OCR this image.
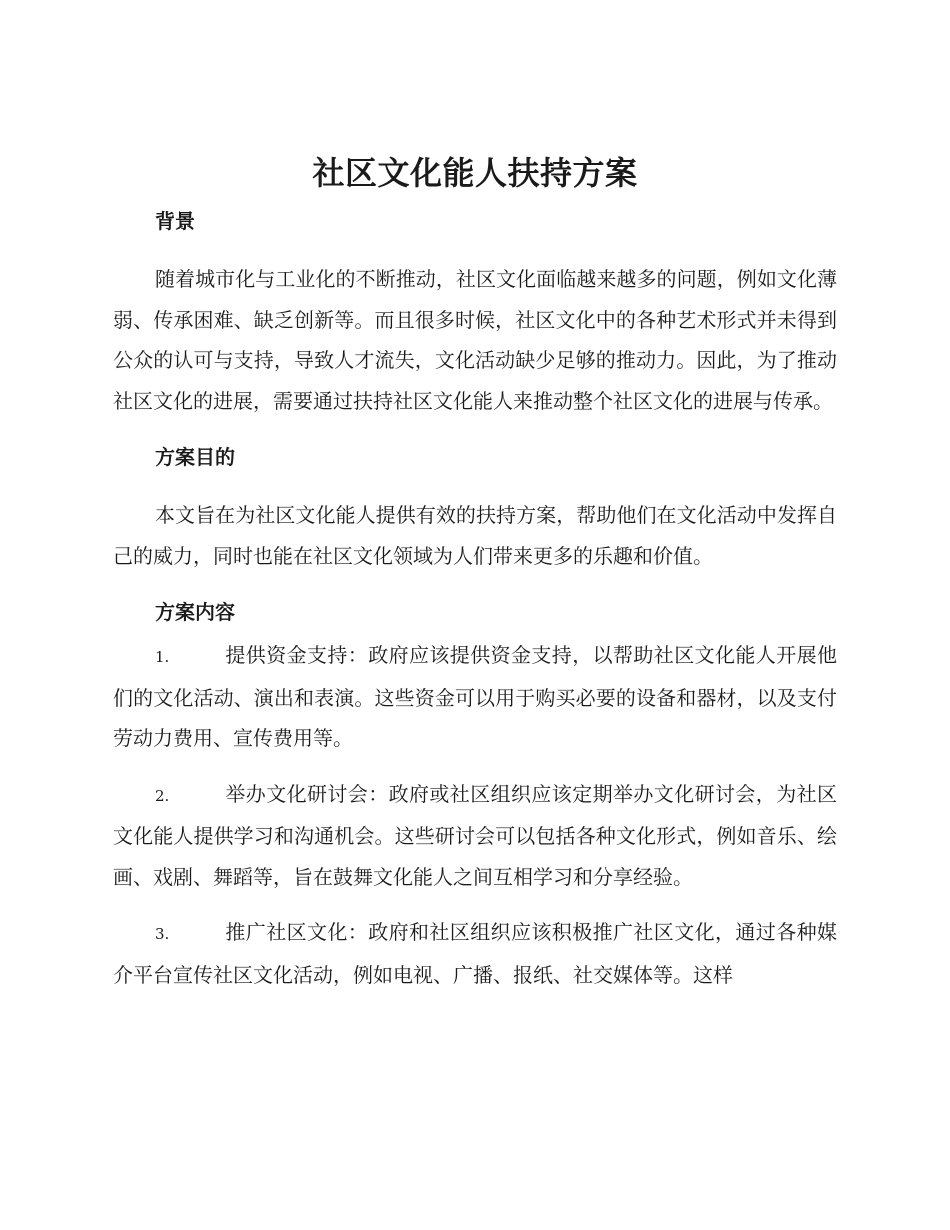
社区文化能人扶持方案
背景

随着城市化与工业化的不断推动，社区文化面临越来越多的问题，例如文化薄弱、传承困难、缺乏创新等。而且很多时候，社区文化中的各种艺术形式并未得到公众的认可与支持，导致人才流失，文化活动缺少足够的推动力。因此，为了推动社区文化的进展，需要通过扶持社区文化能人来推动整个社区文化的进展与传承。

方案目的

本文旨在为社区文化能人提供有效的扶持方案，帮助他们在文化活动中发挥自己的威力，同时也能在社区文化领域为人们带来更多的乐趣和价值。

方案内容

1.	提供资金支持：政府应该提供资金支持，以帮助社区文化能人开展他们的文化活动、演出和表演。这些资金可以用于购买必要的设备和器材，以及支付劳动力费用、宣传费用等。

2.	举办文化研讨会：政府或社区组织应该定期举办文化研讨会，为社区文化能人提供学习和沟通机会。这些研讨会可以包括各种文化形式，例如音乐、绘画、戏剧、舞蹈等，旨在鼓舞文化能人之间互相学习和分享经验。

3.	推广社区文化：政府和社区组织应该积极推广社区文化，通过各种媒介平台宣传社区文化活动，例如电视、广播、报纸、社交媒体等。这样
